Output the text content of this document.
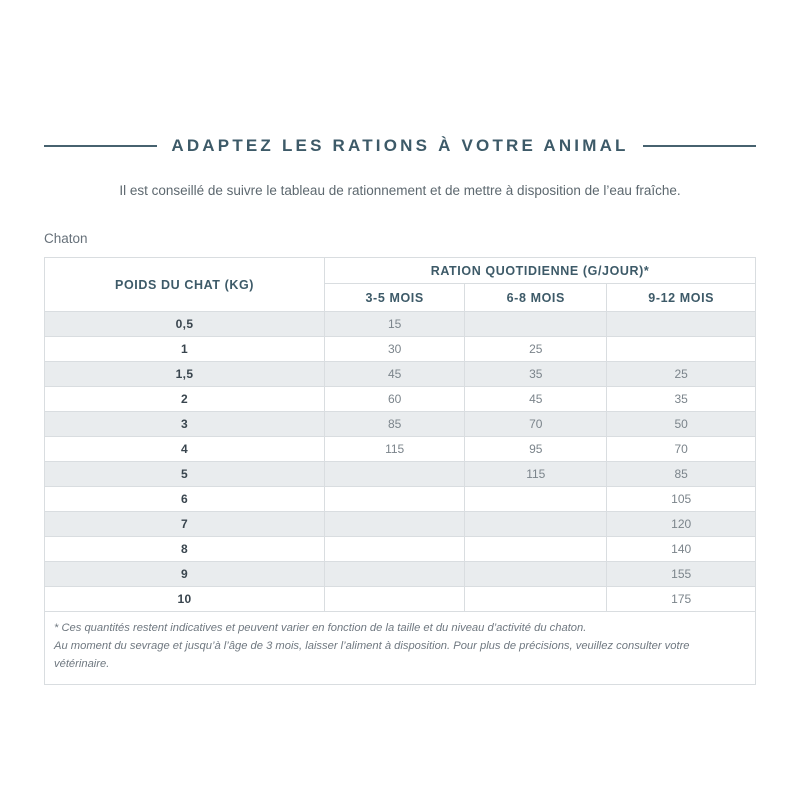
ADAPTEZ LES RATIONS À VOTRE ANIMAL
Il est conseillé de suivre le tableau de rationnement et de mettre à disposition de l’eau fraîche.
Chaton
POIDS DU CHAT (KG)	RATION QUOTIDIENNE (G/JOUR)*		
	3-5 MOIS	6-8 MOIS	9-12 MOIS
0,5	15		
1	30	25	
1,5	45	35	25
2	60	45	35
3	85	70	50
4	115	95	70
5		115	85
6			105
7			120
8			140
9			155
10			175

* Ces quantités restent indicatives et peuvent varier en fonction de la taille et du niveau d’activité du chaton.
Au moment du sevrage et jusqu’à l’âge de 3 mois, laisser l’aliment à disposition. Pour plus de précisions, veuillez consulter votre vétérinaire.			
